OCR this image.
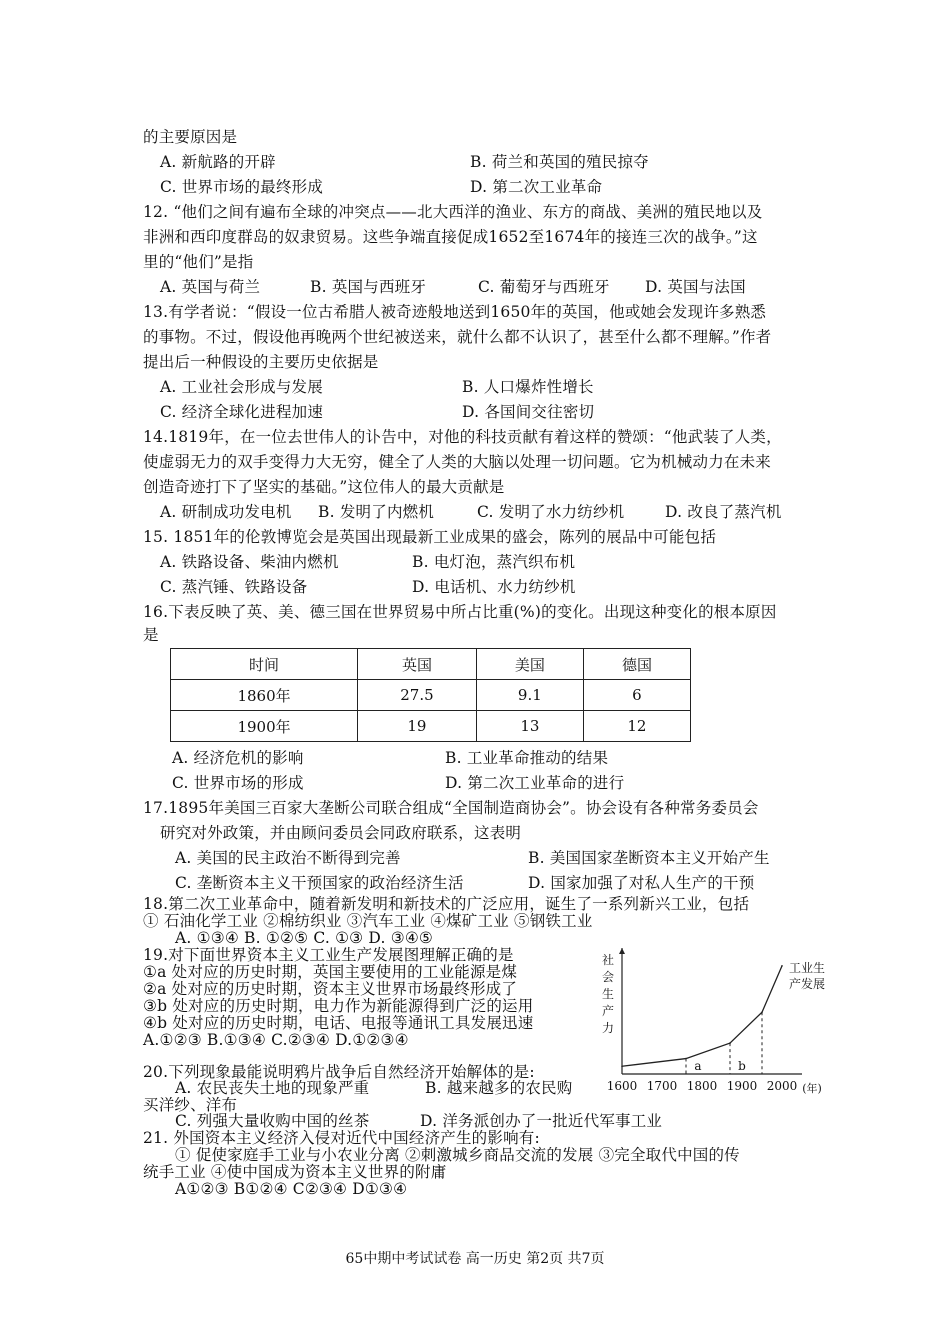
的主要原因是
A. 新航路的开辟	B. 荷兰和英国的殖民掠夺
C. 世界市场的最终形成	D. 第二次工业革命
12. “他们之间有遍布全球的冲突点——北大西洋的渔业、东方的商战、美洲的殖民地以及
非洲和西印度群岛的奴隶贸易。这些争端直接促成1652至1674年的接连三次的战争。”这
里的“他们”是指
A. 英国与荷兰	B. 英国与西班牙	C. 葡萄牙与西班牙 D. 英国与法国
13.有学者说：“假设一位古希腊人被奇迹般地送到1650年的英国，他或她会发现许多熟悉
的事物。不过，假设他再晚两个世纪被送来，就什么都不认识了，甚至什么都不理解。”作者
提出后一种假设的主要历史依据是
A. 工业社会形成与发展	B. 人口爆炸性增长
C. 经济全球化进程加速	D. 各国间交往密切
14.1819年，在一位去世伟人的讣告中，对他的科技贡献有着这样的赞颂：“他武装了人类，
使虚弱无力的双手变得力大无穷，健全了人类的大脑以处理一切问题。它为机械动力在未来
创造奇迹打下了坚实的基础。”这位伟人的最大贡献是
A. 研制成功发电机 B. 发明了内燃机	C. 发明了水力纺纱机	D. 改良了蒸汽机
15. 1851年的伦敦博览会是英国出现最新工业成果的盛会，陈列的展品中可能包括
A. 铁路设备、柴油内燃机	B. 电灯泡，蒸汽织布机
C. 蒸汽锤、铁路设备	D. 电话机、水力纺纱机
16.下表反映了英、美、德三国在世界贸易中所占比重(%)的变化。出现这种变化的根本原因
是
时间	英国	美国	德国
1860年	27.5	9.1	6
1900年	19	13	12
A. 经济危机的影响	B. 工业革命推动的结果
C. 世界市场的形成	D. 第二次工业革命的进行
17.1895年美国三百家大垄断公司联合组成“全国制造商协会”。协会设有各种常务委员会
研究对外政策，并由顾问委员会同政府联系，这表明
A. 美国的民主政治不断得到完善	B. 美国国家垄断资本主义开始产生
C. 垄断资本主义干预国家的政治经济生活	D. 国家加强了对私人生产的干预
18.第二次工业革命中，随着新发明和新技术的广泛应用，诞生了一系列新兴工业，包括
① 石油化学工业 ②棉纺织业 ③汽车工业 ④煤矿工业 ⑤钢铁工业
A. ①③④ B. ①②⑤ C. ①③ D. ③④⑤
19.对下面世界资本主义工业生产发展图理解正确的是
①a 处对应的历史时期，英国主要使用的工业能源是煤
②a 处对应的历史时期，资本主义世界市场最终形成了
③b 处对应的历史时期，电力作为新能源得到广泛的运用
④b 处对应的历史时期，电话、电报等通讯工具发展迅速
A.①②③ B.①③④ C.②③④ D.①②③④
1600 1700 1800 1900 2000 (年)
a	b
社
会
生
产
力
工业生
产发展
20.下列现象最能说明鸦片战争后自然经济开始解体的是:
A. 农民丧失土地的现象严重	B. 越来越多的农民购
买洋纱、洋布
C. 列强大量收购中国的丝茶	D. 洋务派创办了一批近代军事工业
21. 外国资本主义经济入侵对近代中国经济产生的影响有:
① 促使家庭手工业与小农业分离 ②刺激城乡商品交流的发展 ③完全取代中国的传
统手工业 ④使中国成为资本主义世界的附庸
A①②③ B①②④ C②③④ D①③④
65中期中考试试卷 高一历史 第2页 共7页
